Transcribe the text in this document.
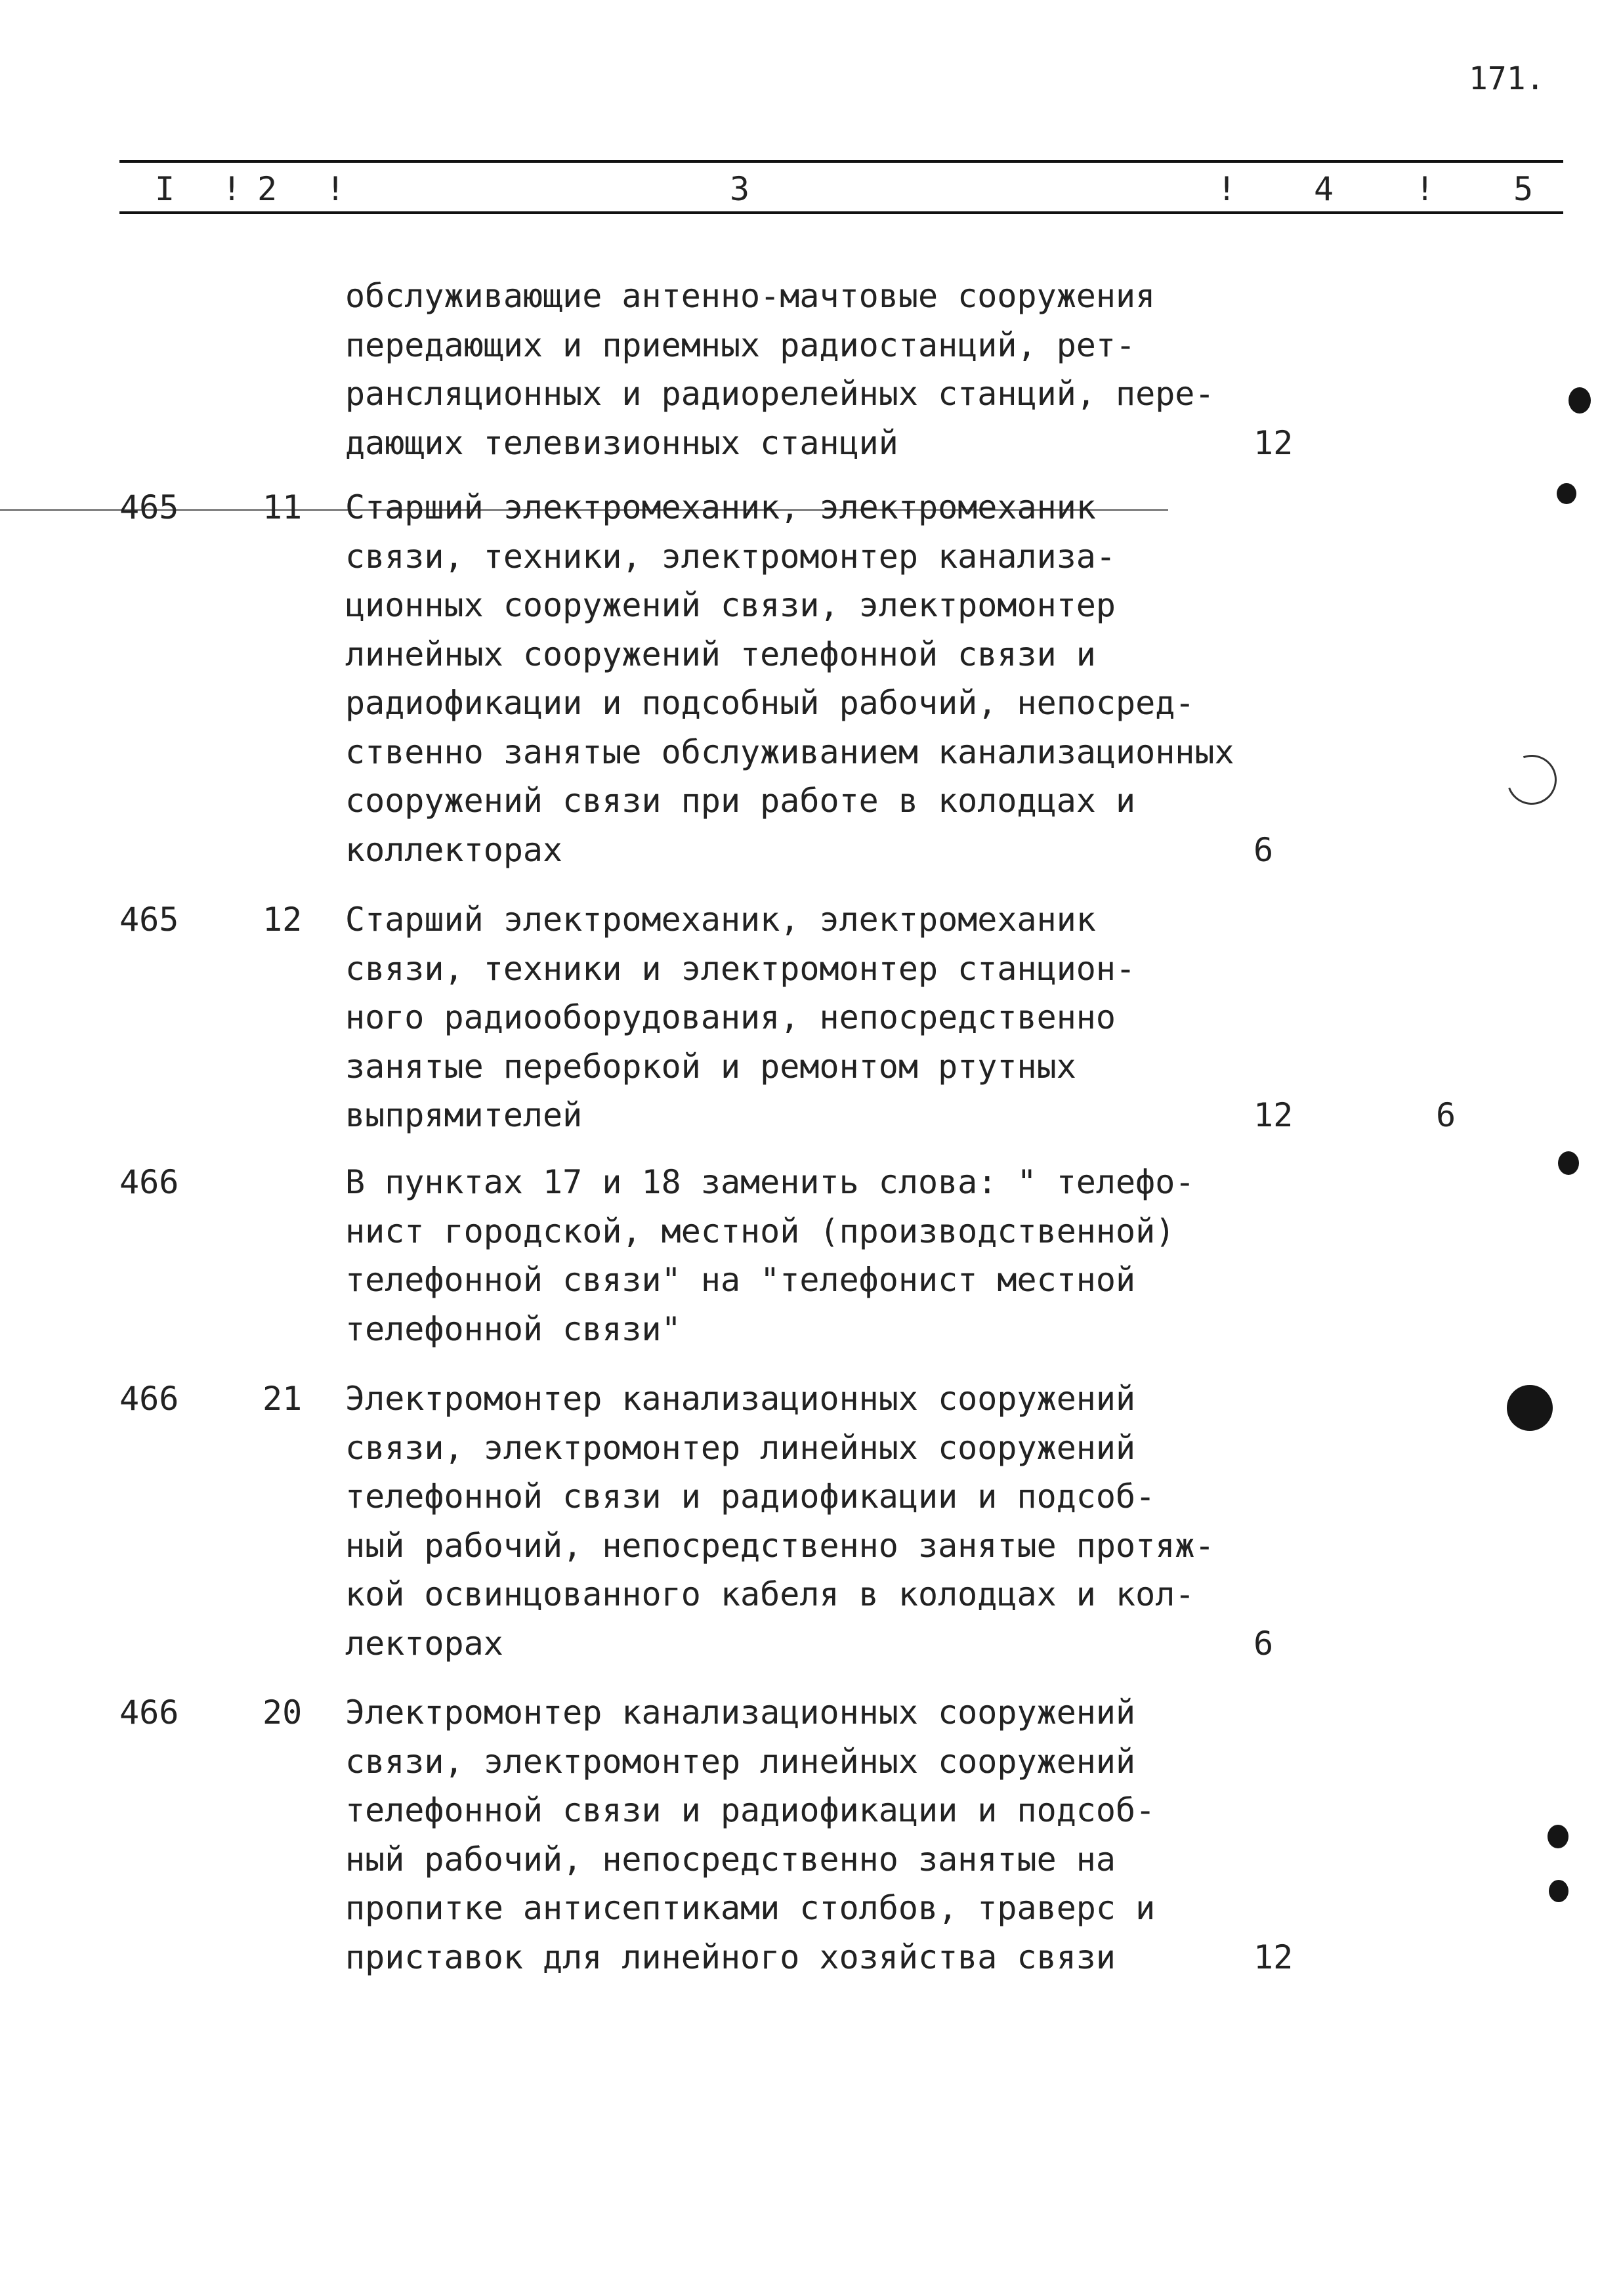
171.
I ! 2 !	3	! 4 ! 5
обслуживающие антенно-мачтовые сооружения
передающих и приемных радиостанций, рет-
рансляционных и радиорелейных станций, пере-
дающих телевизионных станций	12
465	11 Старший электромеханик, электромеханик
связи, техники, электромонтер канализа-
ционных сооружений связи, электромонтер
линейных сооружений телефонной связи и
радиофикации и подсобный рабочий, непосред-
ственно занятые обслуживанием канализационных
сооружений связи при работе в колодцах и
коллекторах	6
465	12 Старший электромеханик, электромеханик
связи, техники и электромонтер станцион-
ного радиооборудования, непосредственно
занятые переборкой и ремонтом ртутных
выпрямителей	12	6
466	В пунктах 17 и 18 заменить слова: " телефо-
нист городской, местной (производственной)
телефонной связи" на "телефонист местной
телефонной связи"
466	21 Электромонтер канализационных сооружений
связи, электромонтер линейных сооружений
телефонной связи и радиофикации и подсоб-
ный рабочий, непосредственно занятые протяж-
кой освинцованного кабеля в колодцах и кол-
лекторах	6
466	20 Электромонтер канализационных сооружений
связи, электромонтер линейных сооружений
телефонной связи и радиофикации и подсоб-
ный рабочий, непосредственно занятые на
пропитке антисептиками столбов, траверс и
приставок для линейного хозяйства связи	12
